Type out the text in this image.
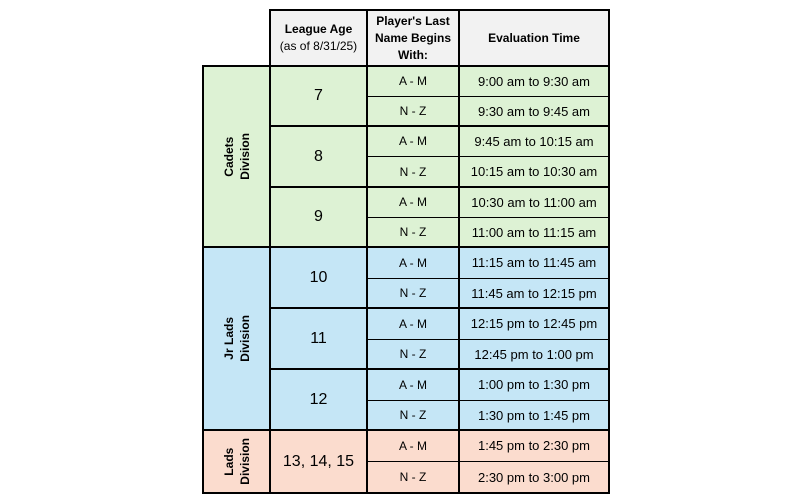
League Age
(as of 8/31/25)
Player's Last
Name Begins
With:
Evaluation Time
Cadets Division
Jr Lads Division
Lads Division
7
8
9
10
11
12
13, 14, 15
A - M
N - Z
A - M
N - Z
A - M
N - Z
A - M
N - Z
A - M
N - Z
A - M
N - Z
A - M
N - Z
9:00 am to 9:30 am
9:30 am to 9:45 am
9:45 am to 10:15 am
10:15 am to 10:30 am
10:30 am to 11:00 am
11:00 am to 11:15 am
11:15 am to 11:45 am
11:45 am to 12:15 pm
12:15 pm to 12:45 pm
12:45 pm to 1:00 pm
1:00 pm to 1:30 pm
1:30 pm to 1:45 pm
1:45 pm to 2:30 pm
2:30 pm to 3:00 pm
